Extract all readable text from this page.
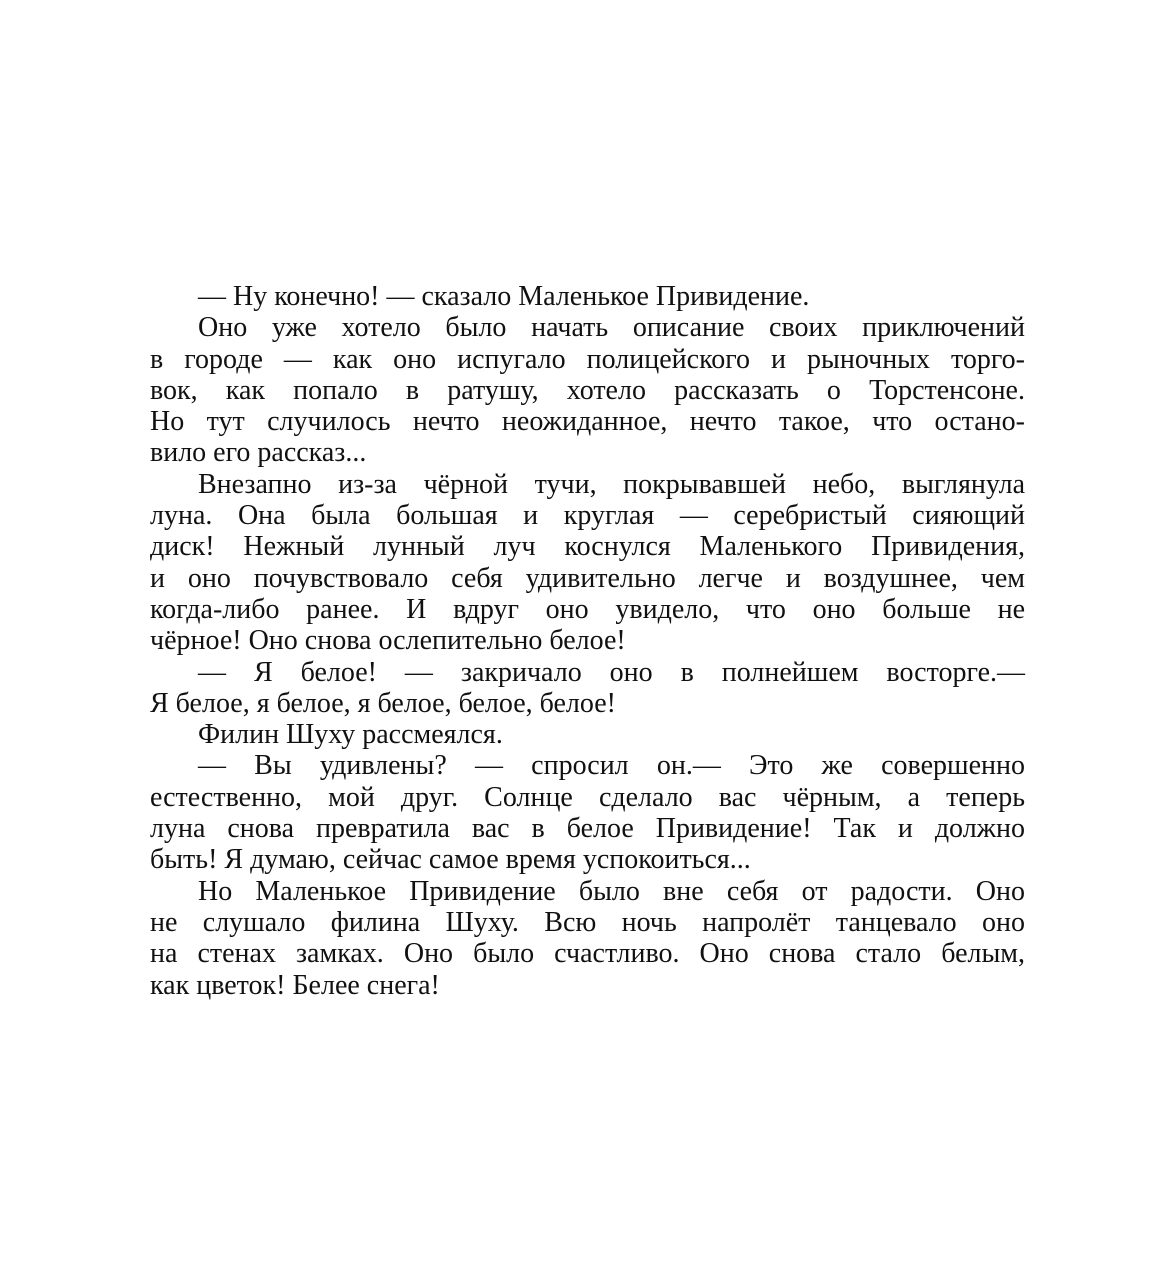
— Ну конечно! — сказало Маленькое Привидение.
Оно уже хотело было начать описание своих приключений
в городе — как оно испугало полицейского и рыночных торго-
вок, как попало в ратушу, хотело рассказать о Торстенсоне.
Но тут случилось нечто неожиданное, нечто такое, что остано-
вило его рассказ...
Внезапно из-за чёрной тучи, покрывавшей небо, выглянула
луна. Она была большая и круглая — серебристый сияющий
диск! Нежный лунный луч коснулся Маленького Привидения,
и оно почувствовало себя удивительно легче и воздушнее, чем
когда-либо ранее. И вдруг оно увидело, что оно больше не
чёрное! Оно снова ослепительно белое!
— Я белое! — закричало оно в полнейшем восторге.—
Я белое, я белое, я белое, белое, белое!
Филин Шуху рассмеялся.
— Вы удивлены? — спросил он.— Это же совершенно
естественно, мой друг. Солнце сделало вас чёрным, а теперь
луна снова превратила вас в белое Привидение! Так и должно
быть! Я думаю, сейчас самое время успокоиться...
Но Маленькое Привидение было вне себя от радости. Оно
не слушало филина Шуху. Всю ночь напролёт танцевало оно
на стенах замках. Оно было счастливо. Оно снова стало белым,
как цветок! Белее снега!
